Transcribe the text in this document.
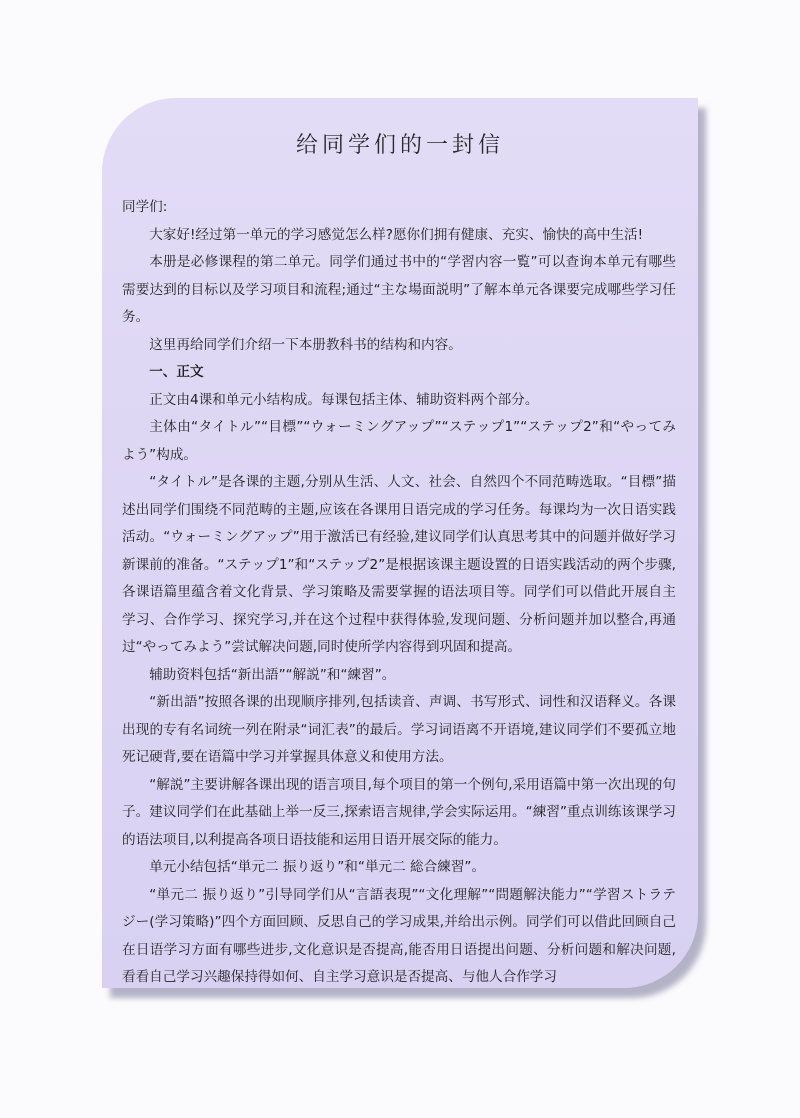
给同学们的一封信

同学们:

大家好!经过第一单元的学习感觉怎么样?愿你们拥有健康、充实、愉快的高中生活!

本册是必修课程的第二单元。同学们通过书中的“学習内容一覧”可以查询本单元有哪些需要达到的目标以及学习项目和流程;通过“主な場面説明”了解本单元各课要完成哪些学习任务。

这里再给同学们介绍一下本册教科书的结构和内容。

一、正文

正文由4课和单元小结构成。每课包括主体、辅助资料两个部分。

主体由“タイトル”“目標”“ウォーミングアップ”“ステップ1”“ステップ2”和“やってみよう”构成。

“タイトル”是各课的主题,分别从生活、人文、社会、自然四个不同范畴选取。“目標”描述出同学们围绕不同范畴的主题,应该在各课用日语完成的学习任务。每课均为一次日语实践活动。“ウォーミングアップ”用于激活已有经验,建议同学们认真思考其中的问题并做好学习新课前的准备。“ステップ1”和“ステップ2”是根据该课主题设置的日语实践活动的两个步骤,各课语篇里蕴含着文化背景、学习策略及需要掌握的语法项目等。同学们可以借此开展自主学习、合作学习、探究学习,并在这个过程中获得体验,发现问题、分析问题并加以整合,再通过“やってみよう”尝试解决问题,同时使所学内容得到巩固和提高。

辅助资料包括“新出語”“解説”和“練習”。

“新出語”按照各课的出现顺序排列,包括读音、声调、书写形式、词性和汉语释义。各课出现的专有名词统一列在附录“词汇表”的最后。学习词语离不开语境,建议同学们不要孤立地死记硬背,要在语篇中学习并掌握具体意义和使用方法。

“解説”主要讲解各课出现的语言项目,每个项目的第一个例句,采用语篇中第一次出现的句子。建议同学们在此基础上举一反三,探索语言规律,学会实际运用。“練習”重点训练该课学习的语法项目,以利提高各项日语技能和运用日语开展交际的能力。

单元小结包括“単元二 振り返り”和“単元二 総合練習”。

“単元二 振り返り”引导同学们从“言語表現”“文化理解”“問題解決能力”“学習ストラテジー(学习策略)”四个方面回顾、反思自己的学习成果,并给出示例。同学们可以借此回顾自己在日语学习方面有哪些进步,文化意识是否提高,能否用日语提出问题、分析问题和解决问题,看看自己学习兴趣保持得如何、自主学习意识是否提高、与他人合作学习
